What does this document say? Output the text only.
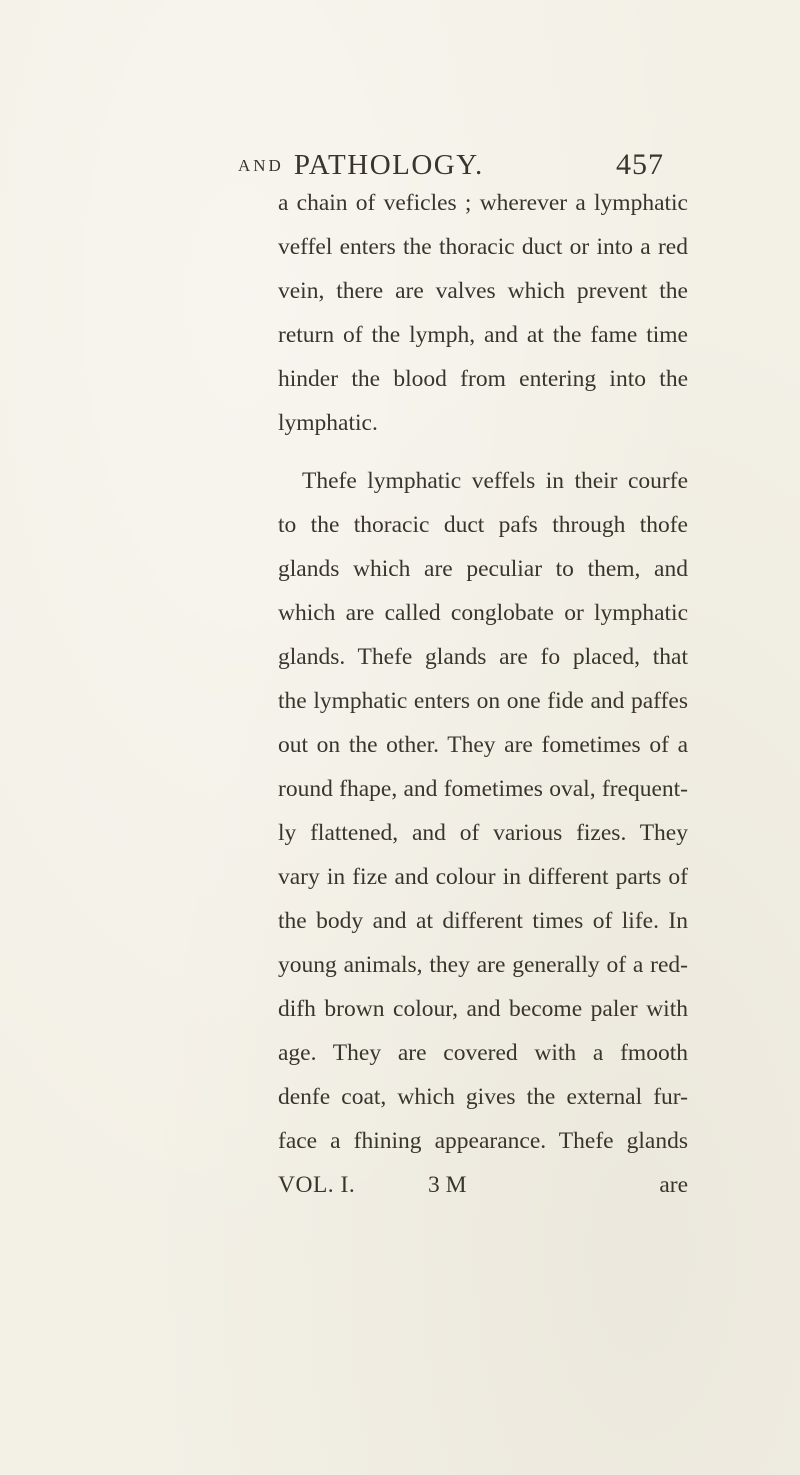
AND PATHOLOGY.	457
a chain of veficles ; wherever a lymphatic
veffel enters the thoracic duct or into a red
vein, there are valves which prevent the
return of the lymph, and at the fame time
hinder the blood from entering into the
lymphatic.
Thefe lymphatic veffels in their courfe
to the thoracic duct pafs through thofe
glands which are peculiar to them, and
which are called conglobate or lymphatic
glands. Thefe glands are fo placed, that
the lymphatic enters on one fide and paffes
out on the other. They are fometimes of a
round fhape, and fometimes oval, frequent-
ly flattened, and of various fizes. They
vary in fize and colour in different parts of
the body and at different times of life. In
young animals, they are generally of a red-
difh brown colour, and become paler with
age. They are covered with a fmooth
denfe coat, which gives the external fur-
face a fhining appearance. Thefe glands
VOL. I.	3 M	are
